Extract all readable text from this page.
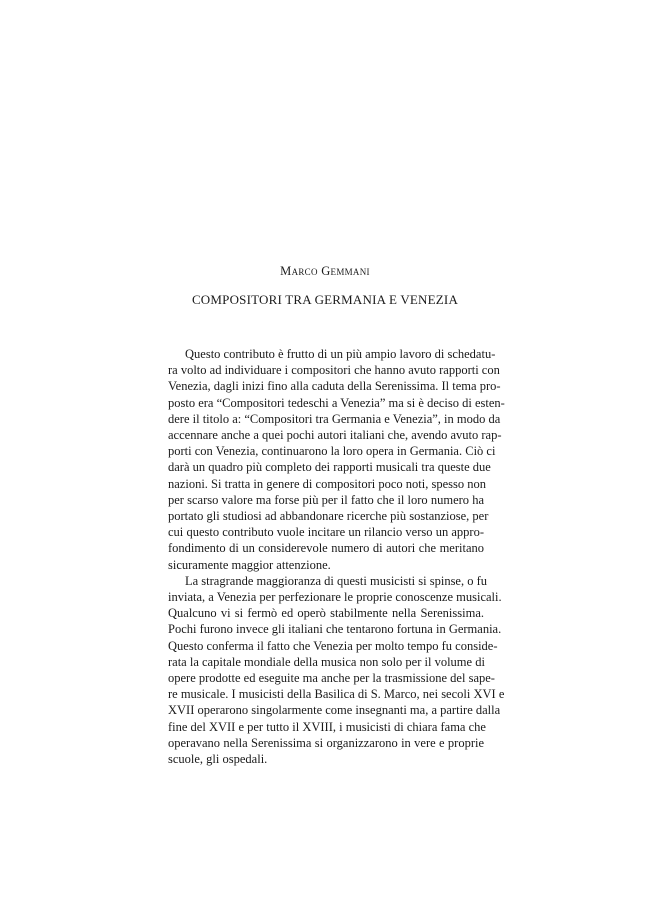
Marco Gemmani
COMPOSITORI TRA GERMANIA E VENEZIA

Questo contributo è frutto di un più ampio lavoro di schedatu-
ra volto ad individuare i compositori che hanno avuto rapporti con
Venezia, dagli inizi fino alla caduta della Serenissima. Il tema pro-
posto era “Compositori tedeschi a Venezia” ma si è deciso di esten-
dere il titolo a: “Compositori tra Germania e Venezia”, in modo da
accennare anche a quei pochi autori italiani che, avendo avuto rap-
porti con Venezia, continuarono la loro opera in Germania. Ciò ci
darà un quadro più completo dei rapporti musicali tra queste due
nazioni. Si tratta in genere di compositori poco noti, spesso non
per scarso valore ma forse più per il fatto che il loro numero ha
portato gli studiosi ad abbandonare ricerche più sostanziose, per
cui questo contributo vuole incitare un rilancio verso un appro-
fondimento di un considerevole numero di autori che meritano
sicuramente maggior attenzione.

La stragrande maggioranza di questi musicisti si spinse, o fu
inviata, a Venezia per perfezionare le proprie conoscenze musicali.
Qualcuno vi si fermò ed operò stabilmente nella Serenissima.
Pochi furono invece gli italiani che tentarono fortuna in Germania.
Questo conferma il fatto che Venezia per molto tempo fu conside-
rata la capitale mondiale della musica non solo per il volume di
opere prodotte ed eseguite ma anche per la trasmissione del sape-
re musicale. I musicisti della Basilica di S. Marco, nei secoli XVI e
XVII operarono singolarmente come insegnanti ma, a partire dalla
fine del XVII e per tutto il XVIII, i musicisti di chiara fama che
operavano nella Serenissima si organizzarono in vere e proprie
scuole, gli ospedali.
